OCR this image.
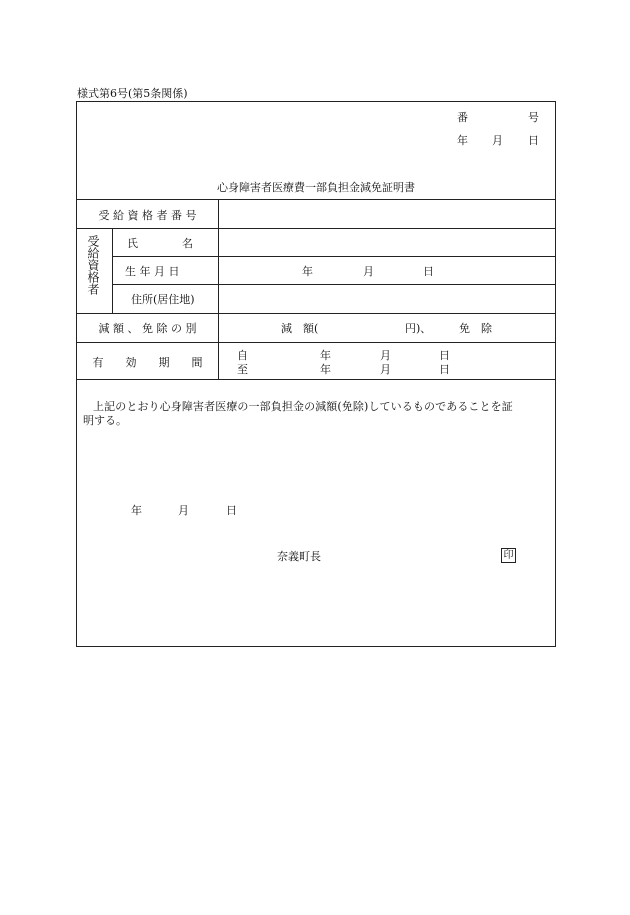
様式第6号(第5条関係)
番	号
年 月 日
心身障害者医療費一部負担金減免証明書
受 給 資 格 者 番 号
受給資格者 氏　　　　名
生 年 月 日	年	月	日
住所(居住地)
減 額 、 免 除 の 別	減　額(	円)、	免　除
有　　効　　期　　間
自	年	月	日
至	年	月	日
上記のとおり心身障害者医療の一部負担金の減額(免除)しているものであることを証
明する。
年	月	日
奈義町長	印
